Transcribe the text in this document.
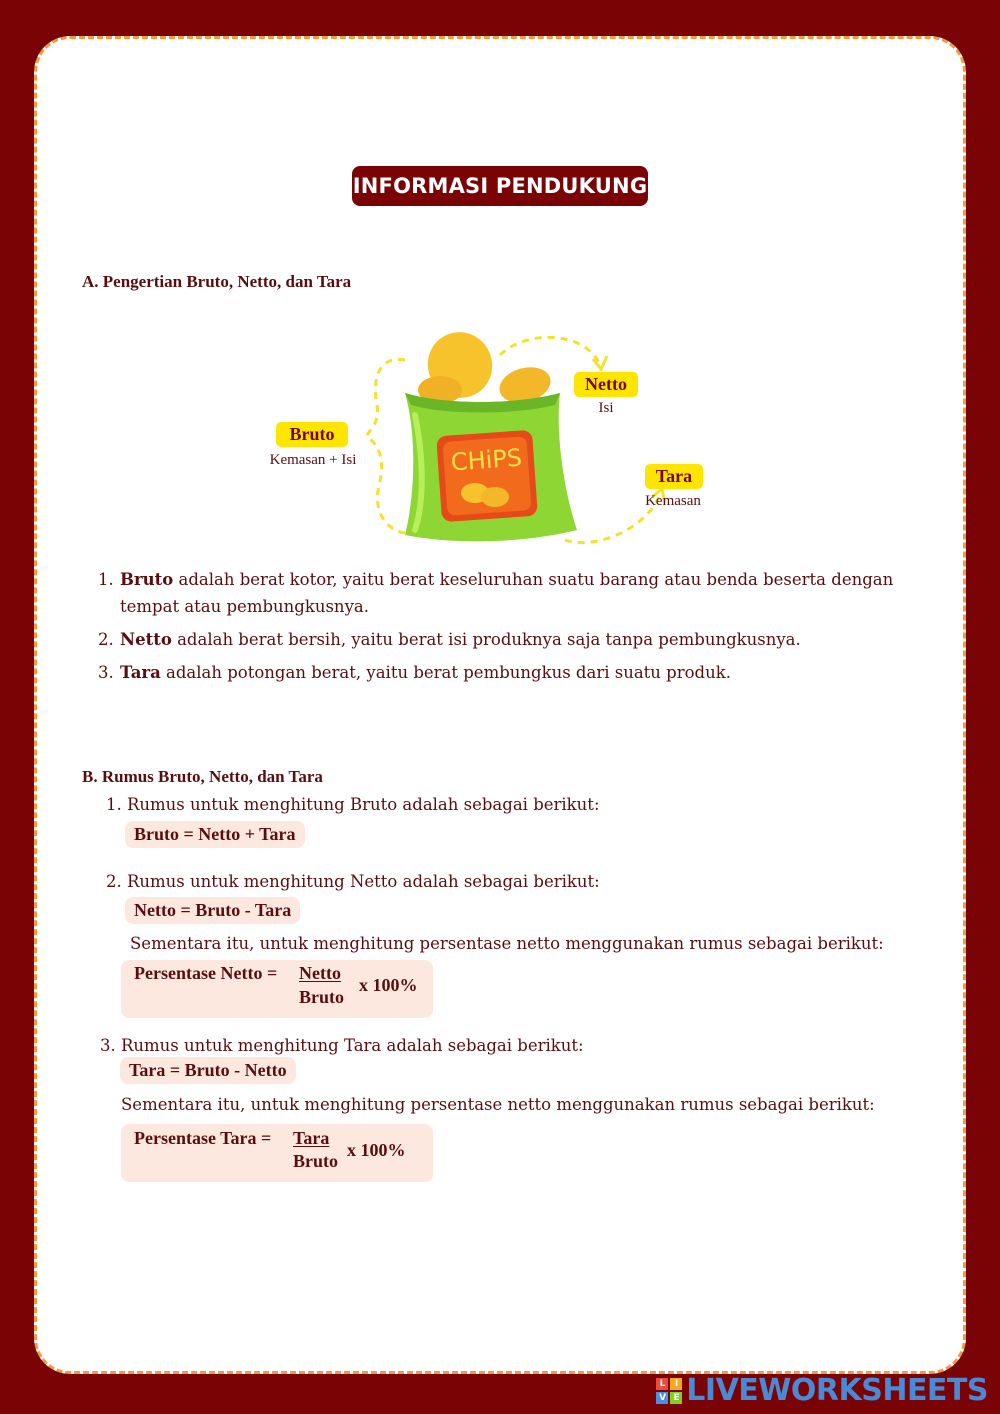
INFORMASI PENDUKUNG
A. Pengertian Bruto, Netto, dan Tara
CHiPS
Bruto
Kemasan + Isi
Netto
Isi
Tara
Kemasan
1. Bruto adalah berat kotor, yaitu berat keseluruhan suatu barang atau benda beserta dengan tempat atau pembungkusnya.
2. Netto adalah berat bersih, yaitu berat isi produknya saja tanpa pembungkusnya.
3. Tara adalah potongan berat, yaitu berat pembungkus dari suatu produk.
B. Rumus Bruto, Netto, dan Tara
1. Rumus untuk menghitung Bruto adalah sebagai berikut:
Bruto = Netto + Tara
2. Rumus untuk menghitung Netto adalah sebagai berikut:
Netto = Bruto - Tara
Sementara itu, untuk menghitung persentase netto menggunakan rumus sebagai berikut:
Persentase Netto = Netto
Bruto
x 100%
3. Rumus untuk menghitung Tara adalah sebagai berikut:
Tara = Bruto - Netto
Sementara itu, untuk menghitung persentase netto menggunakan rumus sebagai berikut:
Persentase Tara = Tara
Bruto
x 100%
L	I
V E LIVEWORKSHEETS
